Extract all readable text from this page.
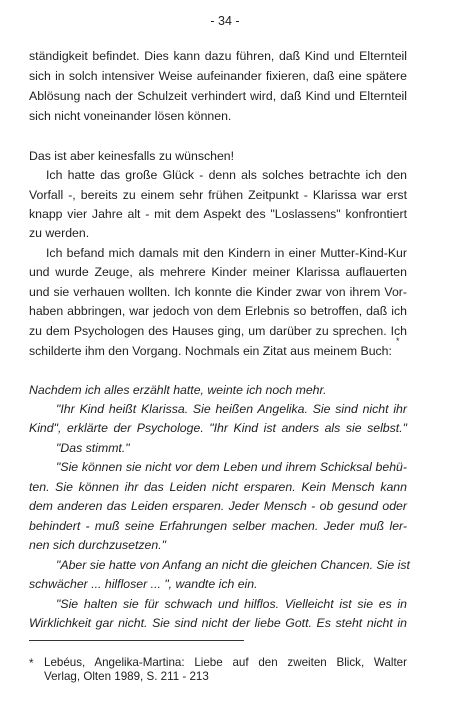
- 34 -
ständigkeit befindet. Dies kann dazu führen, daß Kind und Elternteil
sich in solch intensiver Weise aufeinander fixieren, daß eine spätere
Ablösung nach der Schulzeit verhindert wird, daß Kind und Elternteil
sich nicht voneinander lösen können.
Das ist aber keinesfalls zu wünschen!
Ich hatte das große Glück - denn als solches betrachte ich den
Vorfall -, bereits zu einem sehr frühen Zeitpunkt - Klarissa war erst
knapp vier Jahre alt - mit dem Aspekt des "Loslassens" konfrontiert
zu werden.
Ich befand mich damals mit den Kindern in einer Mutter-Kind-Kur
und wurde Zeuge, als mehrere Kinder meiner Klarissa auflauerten
und sie verhauen wollten. Ich konnte die Kinder zwar von ihrem Vor-
haben abbringen, war jedoch von dem Erlebnis so betroffen, daß ich
zu dem Psychologen des Hauses ging, um darüber zu sprechen. Ich
schilderte ihm den Vorgang. Nochmals ein Zitat aus meinem Buch:
*
Nachdem ich alles erzählt hatte, weinte ich noch mehr.
"Ihr Kind heißt Klarissa. Sie heißen Angelika. Sie sind nicht ihr
Kind", erklärte der Psychologe. "Ihr Kind ist anders als sie selbst."
"Das stimmt."
"Sie können sie nicht vor dem Leben und ihrem Schicksal behü-
ten. Sie können ihr das Leiden nicht ersparen. Kein Mensch kann
dem anderen das Leiden ersparen. Jeder Mensch - ob gesund oder
behindert - muß seine Erfahrungen selber machen. Jeder muß ler-
nen sich durchzusetzen."
"Aber sie hatte von Anfang an nicht die gleichen Chancen. Sie ist
schwächer ... hilfloser ... ", wandte ich ein.
"Sie halten sie für schwach und hilflos. Vielleicht ist sie es in
Wirklichkeit gar nicht. Sie sind nicht der liebe Gott. Es steht nicht in
* Lebéus, Angelika-Martina: Liebe auf den zweiten Blick, Walter
Verlag, Olten 1989, S. 211 - 213
